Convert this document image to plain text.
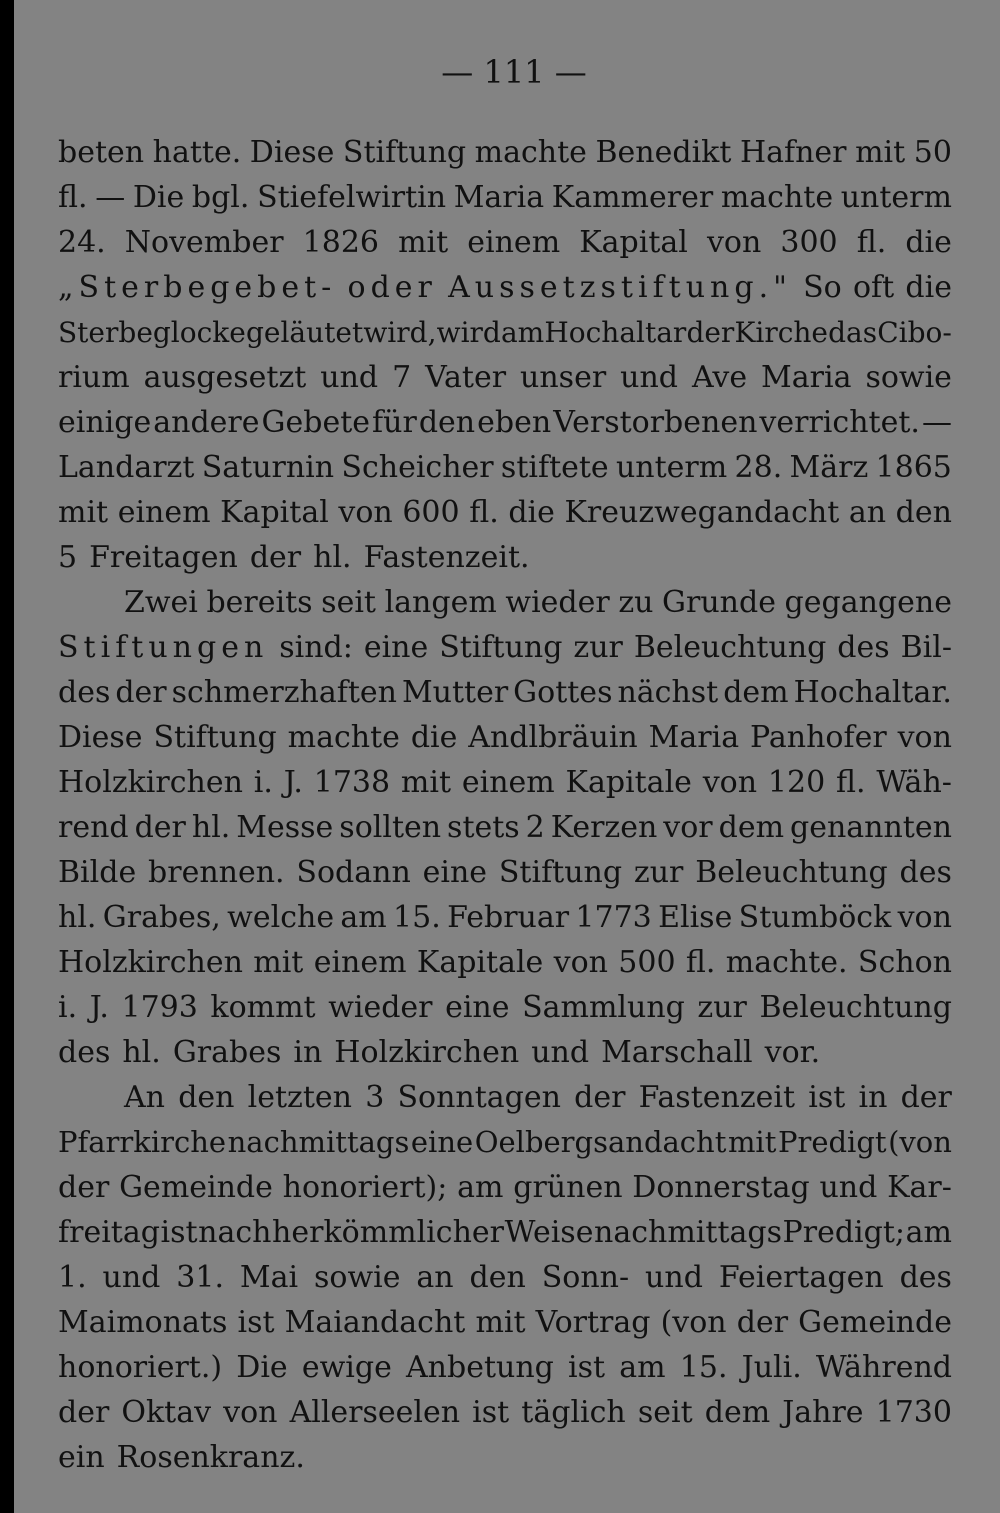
— 111 —
beten hatte. Diese Stiftung machte Benedikt Hafner mit 50
fl. — Die bgl. Stiefelwirtin Maria Kammerer machte unterm
24. November 1826 mit einem Kapital von 300 fl. die
„Sterbegebet- oder Aussetzstiftung." So oft die
Sterbeglocke geläutet wird, wird am Hochaltar der Kirche das Cibo-
rium ausgesetzt und 7 Vater unser und Ave Maria sowie
einige andere Gebete für den eben Verstorbenen verrichtet. —
Landarzt Saturnin Scheicher stiftete unterm 28. März 1865
mit einem Kapital von 600 fl. die Kreuzwegandacht an den
5 Freitagen der hl. Fastenzeit.
Zwei bereits seit langem wieder zu Grunde gegangene
Stiftungen sind: eine Stiftung zur Beleuchtung des Bil-
des der schmerzhaften Mutter Gottes nächst dem Hochaltar.
Diese Stiftung machte die Andlbräuin Maria Panhofer von
Holzkirchen i. J. 1738 mit einem Kapitale von 120 fl. Wäh-
rend der hl. Messe sollten stets 2 Kerzen vor dem genannten
Bilde brennen. Sodann eine Stiftung zur Beleuchtung des
hl. Grabes, welche am 15. Februar 1773 Elise Stumböck von
Holzkirchen mit einem Kapitale von 500 fl. machte. Schon
i. J. 1793 kommt wieder eine Sammlung zur Beleuchtung
des hl. Grabes in Holzkirchen und Marschall vor.
An den letzten 3 Sonntagen der Fastenzeit ist in der
Pfarrkirche nachmittags eine Oelbergsandacht mit Predigt (von
der Gemeinde honoriert); am grünen Donnerstag und Kar-
freitag ist nach herkömmlicher Weise nachmittags Predigt; am
1. und 31. Mai sowie an den Sonn- und Feiertagen des
Maimonats ist Maiandacht mit Vortrag (von der Gemeinde
honoriert.) Die ewige Anbetung ist am 15. Juli. Während
der Oktav von Allerseelen ist täglich seit dem Jahre 1730
ein Rosenkranz.
